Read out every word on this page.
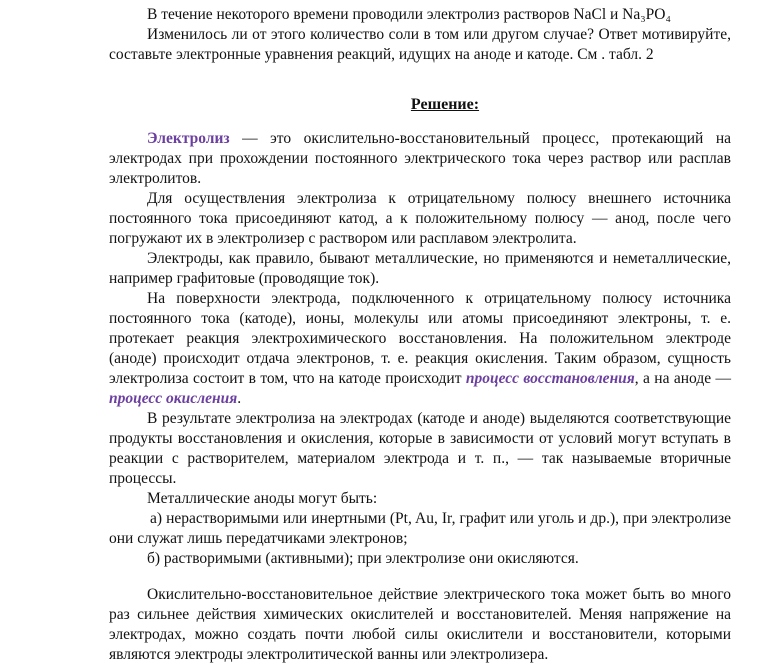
В течение некоторого времени проводили электролиз растворов NaCl и Na₃PO₄

Изменилось ли от этого количество соли в том или другом случае? Ответ мотивируйте, составьте электронные уравнения реакций, идущих на аноде и катоде. См . табл. 2

Решение:

Электролиз — это окислительно-восстановительный процесс, протекающий на электродах при прохождении постоянного электрического тока через раствор или расплав электролитов.

Для осуществления электролиза к отрицательному полюсу внешнего источника постоянного тока присоединяют катод, а к положительному полюсу — анод, после чего погружают их в электролизер с раствором или расплавом электролита.

Электроды, как правило, бывают металлические, но применяются и неметаллические, например графитовые (проводящие ток).

На поверхности электрода, подключенного к отрицательному полюсу источника постоянного тока (катоде), ионы, молекулы или атомы присоединяют электроны, т. е. протекает реакция электрохимического восстановления. На положительном электроде (аноде) происходит отдача электронов, т. е. реакция окисления. Таким образом, сущность электролиза состоит в том, что на катоде происходит процесс восстановления, а на аноде — процесс окисления.

В результате электролиза на электродах (катоде и аноде) выделяются соответствующие продукты восстановления и окисления, которые в зависимости от условий могут вступать в реакции с растворителем, материалом электрода и т. п., — так называемые вторичные процессы.

Металлические аноды могут быть:

а) нерастворимыми или инертными (Pt, Au, Ir, графит или уголь и др.), при электролизе они служат лишь передатчиками электронов;

б) растворимыми (активными); при электролизе они окисляются.

Окислительно-восстановительное действие электрического тока может быть во много раз сильнее действия химических окислителей и восстановителей. Меняя напряжение на электродах, можно создать почти любой силы окислители и восстановители, которыми являются электроды электролитической ванны или электролизера.
